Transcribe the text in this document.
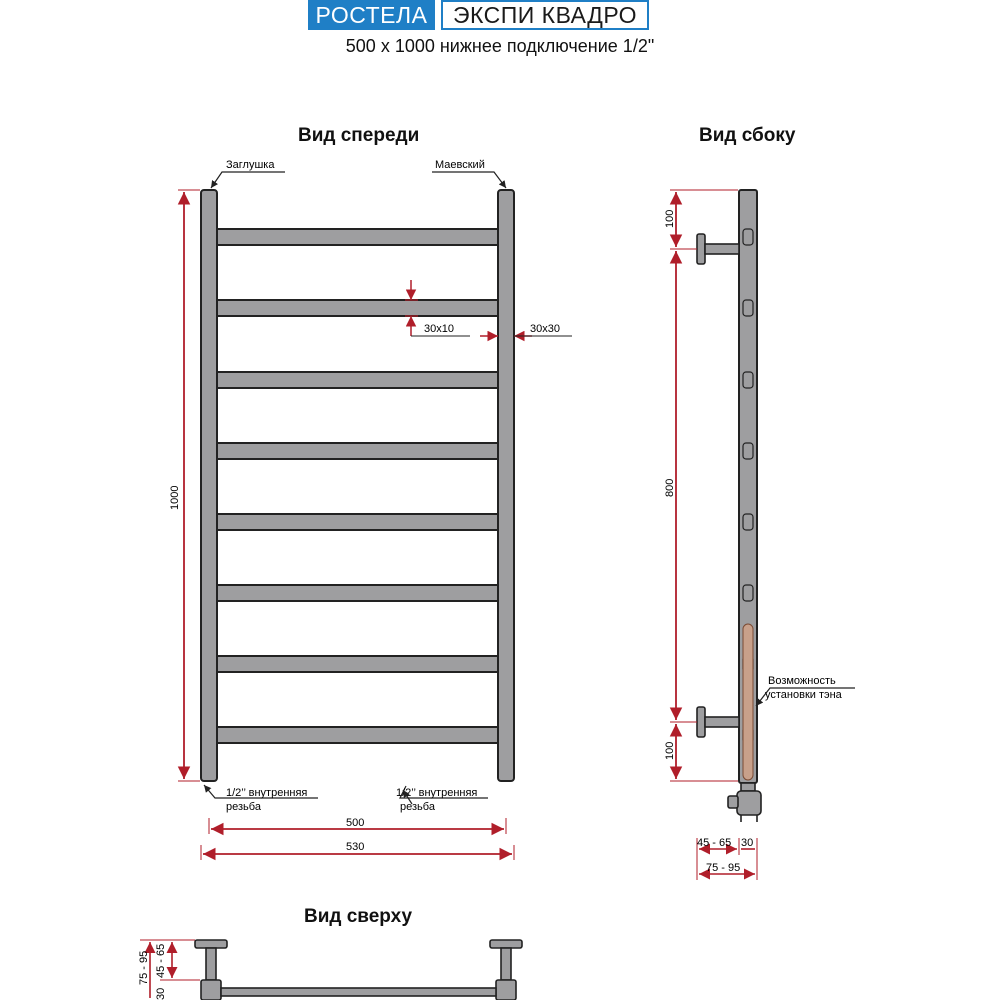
РОСТЕЛА	ЭКСПИ КВАДРО
500 x 1000 нижнее подключение 1/2"
Вид спереди	Вид сбоку
Вид сверху
Заглушка	Маевский
30x10	30x30
1000
1/2’’ внутренняя
резьба
1/2’’ внутренняя
резьба
500
530
100
800
100
Возможность
установки тэна
45 - 65 30
75 - 95
75 - 95
30
45 - 65
